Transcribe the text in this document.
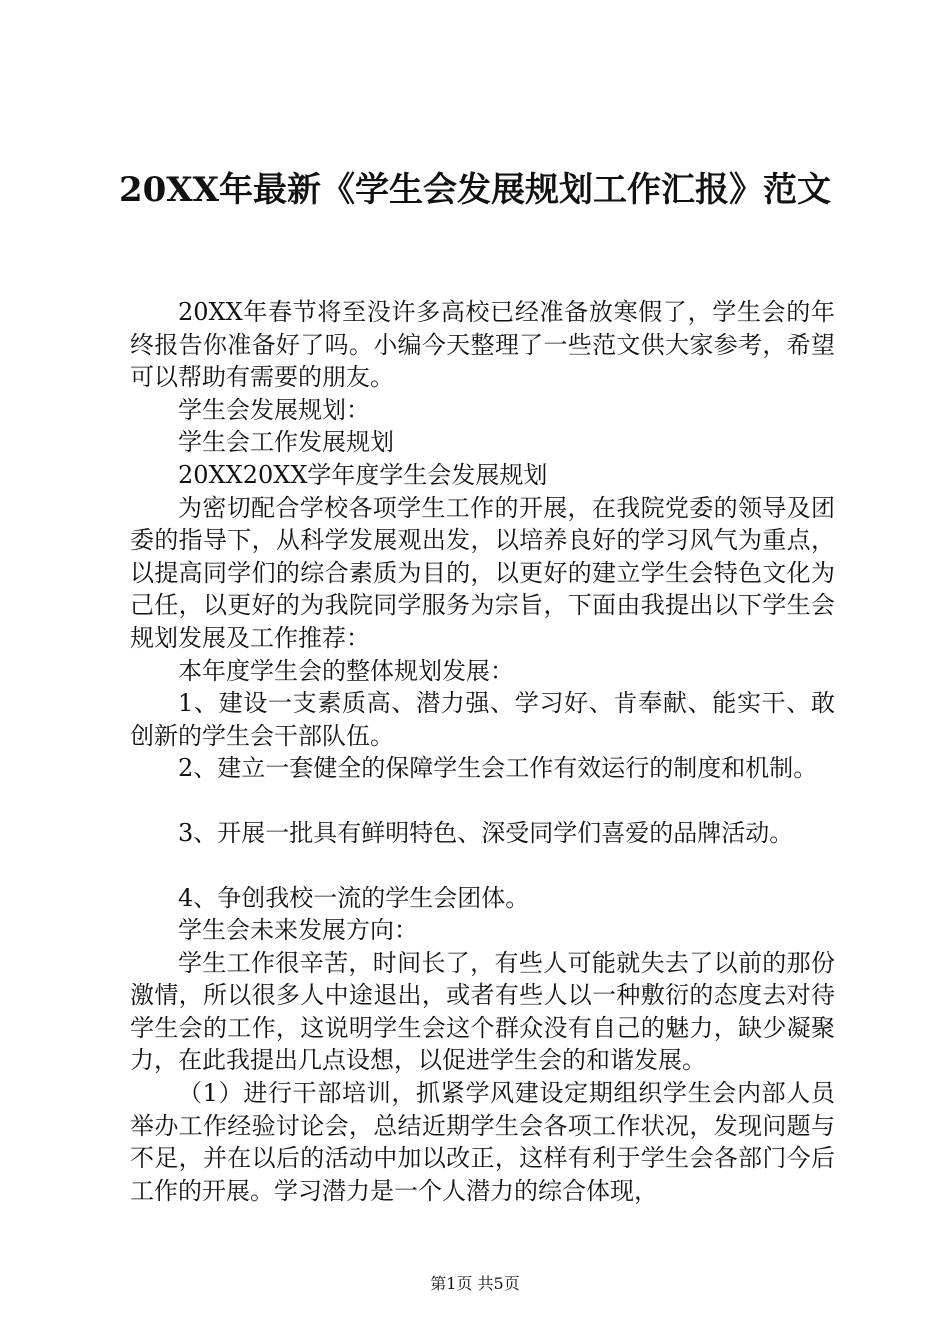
20XX年最新《学生会发展规划工作汇报》范文

20XX年春节将至没许多高校已经准备放寒假了，学生会的年终报告你准备好了吗。小编今天整理了一些范文供大家参考，希望可以帮助有需要的朋友。

学生会发展规划：

学生会工作发展规划

20XX20XX学年度学生会发展规划

为密切配合学校各项学生工作的开展，在我院党委的领导及团委的指导下，从科学发展观出发，以培养良好的学习风气为重点，以提高同学们的综合素质为目的，以更好的建立学生会特色文化为己任，以更好的为我院同学服务为宗旨，下面由我提出以下学生会规划发展及工作推荐：

本年度学生会的整体规划发展：

1、建设一支素质高、潜力强、学习好、肯奉献、能实干、敢创新的学生会干部队伍。

2、建立一套健全的保障学生会工作有效运行的制度和机制。

3、开展一批具有鲜明特色、深受同学们喜爱的品牌活动。

4、争创我校一流的学生会团体。

学生会未来发展方向：

学生工作很辛苦，时间长了，有些人可能就失去了以前的那份激情，所以很多人中途退出，或者有些人以一种敷衍的态度去对待学生会的工作，这说明学生会这个群众没有自己的魅力，缺少凝聚力，在此我提出几点设想，以促进学生会的和谐发展。

（1）进行干部培训，抓紧学风建设定期组织学生会内部人员举办工作经验讨论会，总结近期学生会各项工作状况，发现问题与不足，并在以后的活动中加以改正，这样有利于学生会各部门今后工作的开展。学习潜力是一个人潜力的综合体现，

第1页 共5页
